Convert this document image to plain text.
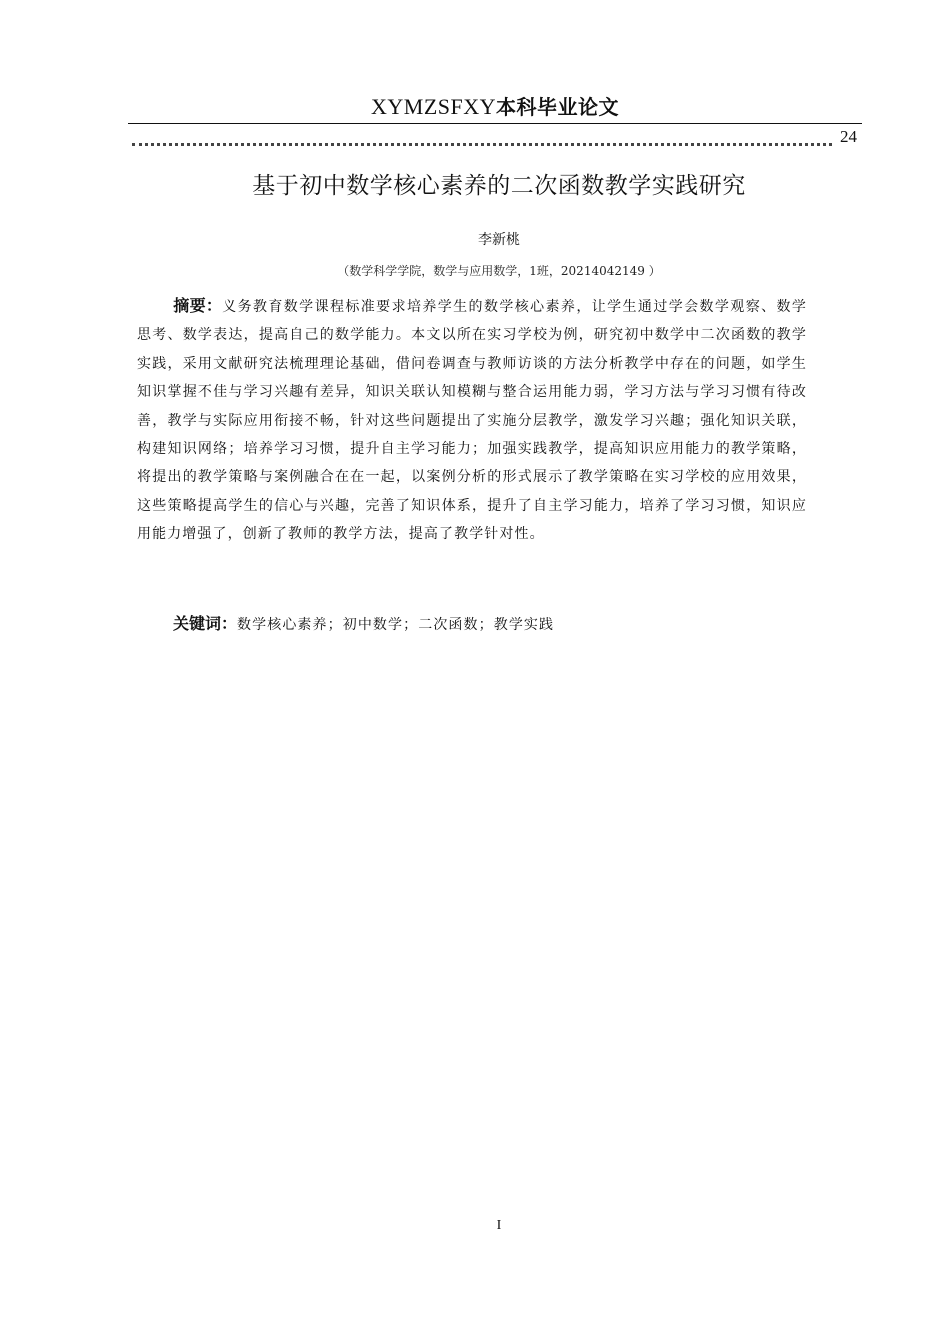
XYMZSFXY本科毕业论文
24
基于初中数学核心素养的二次函数教学实践研究
李新桃
（数学科学学院，数学与应用数学，1班，20214042149 ）
摘要：义务教育数学课程标准要求培养学生的数学核心素养，让学生通过学会数学观察、数学思考、数学表达，提高自己的数学能力。本文以所在实习学校为例，研究初中数学中二次函数的教学实践，采用文献研究法梳理理论基础，借问卷调查与教师访谈的方法分析教学中存在的问题，如学生知识掌握不佳与学习兴趣有差异，知识关联认知模糊与整合运用能力弱，学习方法与学习习惯有待改善，教学与实际应用衔接不畅，针对这些问题提出了实施分层教学，激发学习兴趣；强化知识关联，构建知识网络；培养学习习惯，提升自主学习能力；加强实践教学，提高知识应用能力的教学策略，将提出的教学策略与案例融合在在一起，以案例分析的形式展示了教学策略在实习学校的应用效果，这些策略提高学生的信心与兴趣，完善了知识体系，提升了自主学习能力，培养了学习习惯，知识应用能力增强了，创新了教师的教学方法，提高了教学针对性。
关键词：数学核心素养；初中数学；二次函数；教学实践
I
